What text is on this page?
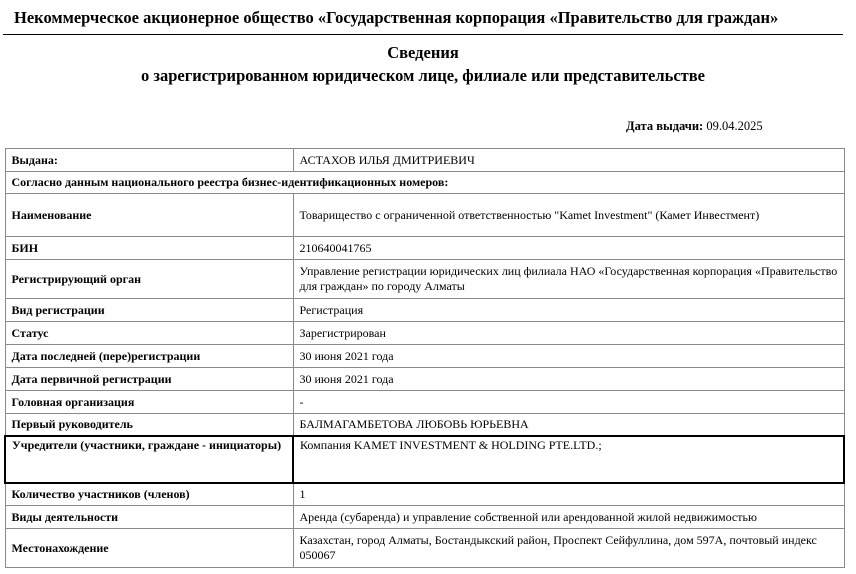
Некоммерческое акционерное общество «Государственная корпорация «Правительство для граждан»
Сведения
о зарегистрированном юридическом лице, филиале или представительстве
Дата выдачи: 09.04.2025
Выдана:	АСТАХОВ ИЛЬЯ ДМИТРИЕВИЧ
Согласно данным национального реестра бизнес-идентификационных номеров:	
Наименование	Товарищество с ограниченной ответственностью "Kamet Investment" (Камет Инвестмент)
БИН	210640041765
Регистрирующий орган	Управление регистрации юридических лиц филиала НАО «Государственная корпорация «Правительство для граждан» по городу Алматы
Вид регистрации	Регистрация
Статус	Зарегистрирован
Дата последней (пере)регистрации	30 июня 2021 года
Дата первичной регистрации	30 июня 2021 года
Головная организация	-
Первый руководитель	БАЛМАГАМБЕТОВА ЛЮБОВЬ ЮРЬЕВНА
Учредители (участники, граждане - инициаторы)	Компания KAMET INVESTMENT & HOLDING PTE.LTD.;
Количество участников (членов)	1
Виды деятельности	Аренда (субаренда) и управление собственной или арендованной жилой недвижимостью
Местонахождение	Казахстан, город Алматы, Бостандыкский район, Проспект Сейфуллина, дом 597А, почтовый индекс 050067
